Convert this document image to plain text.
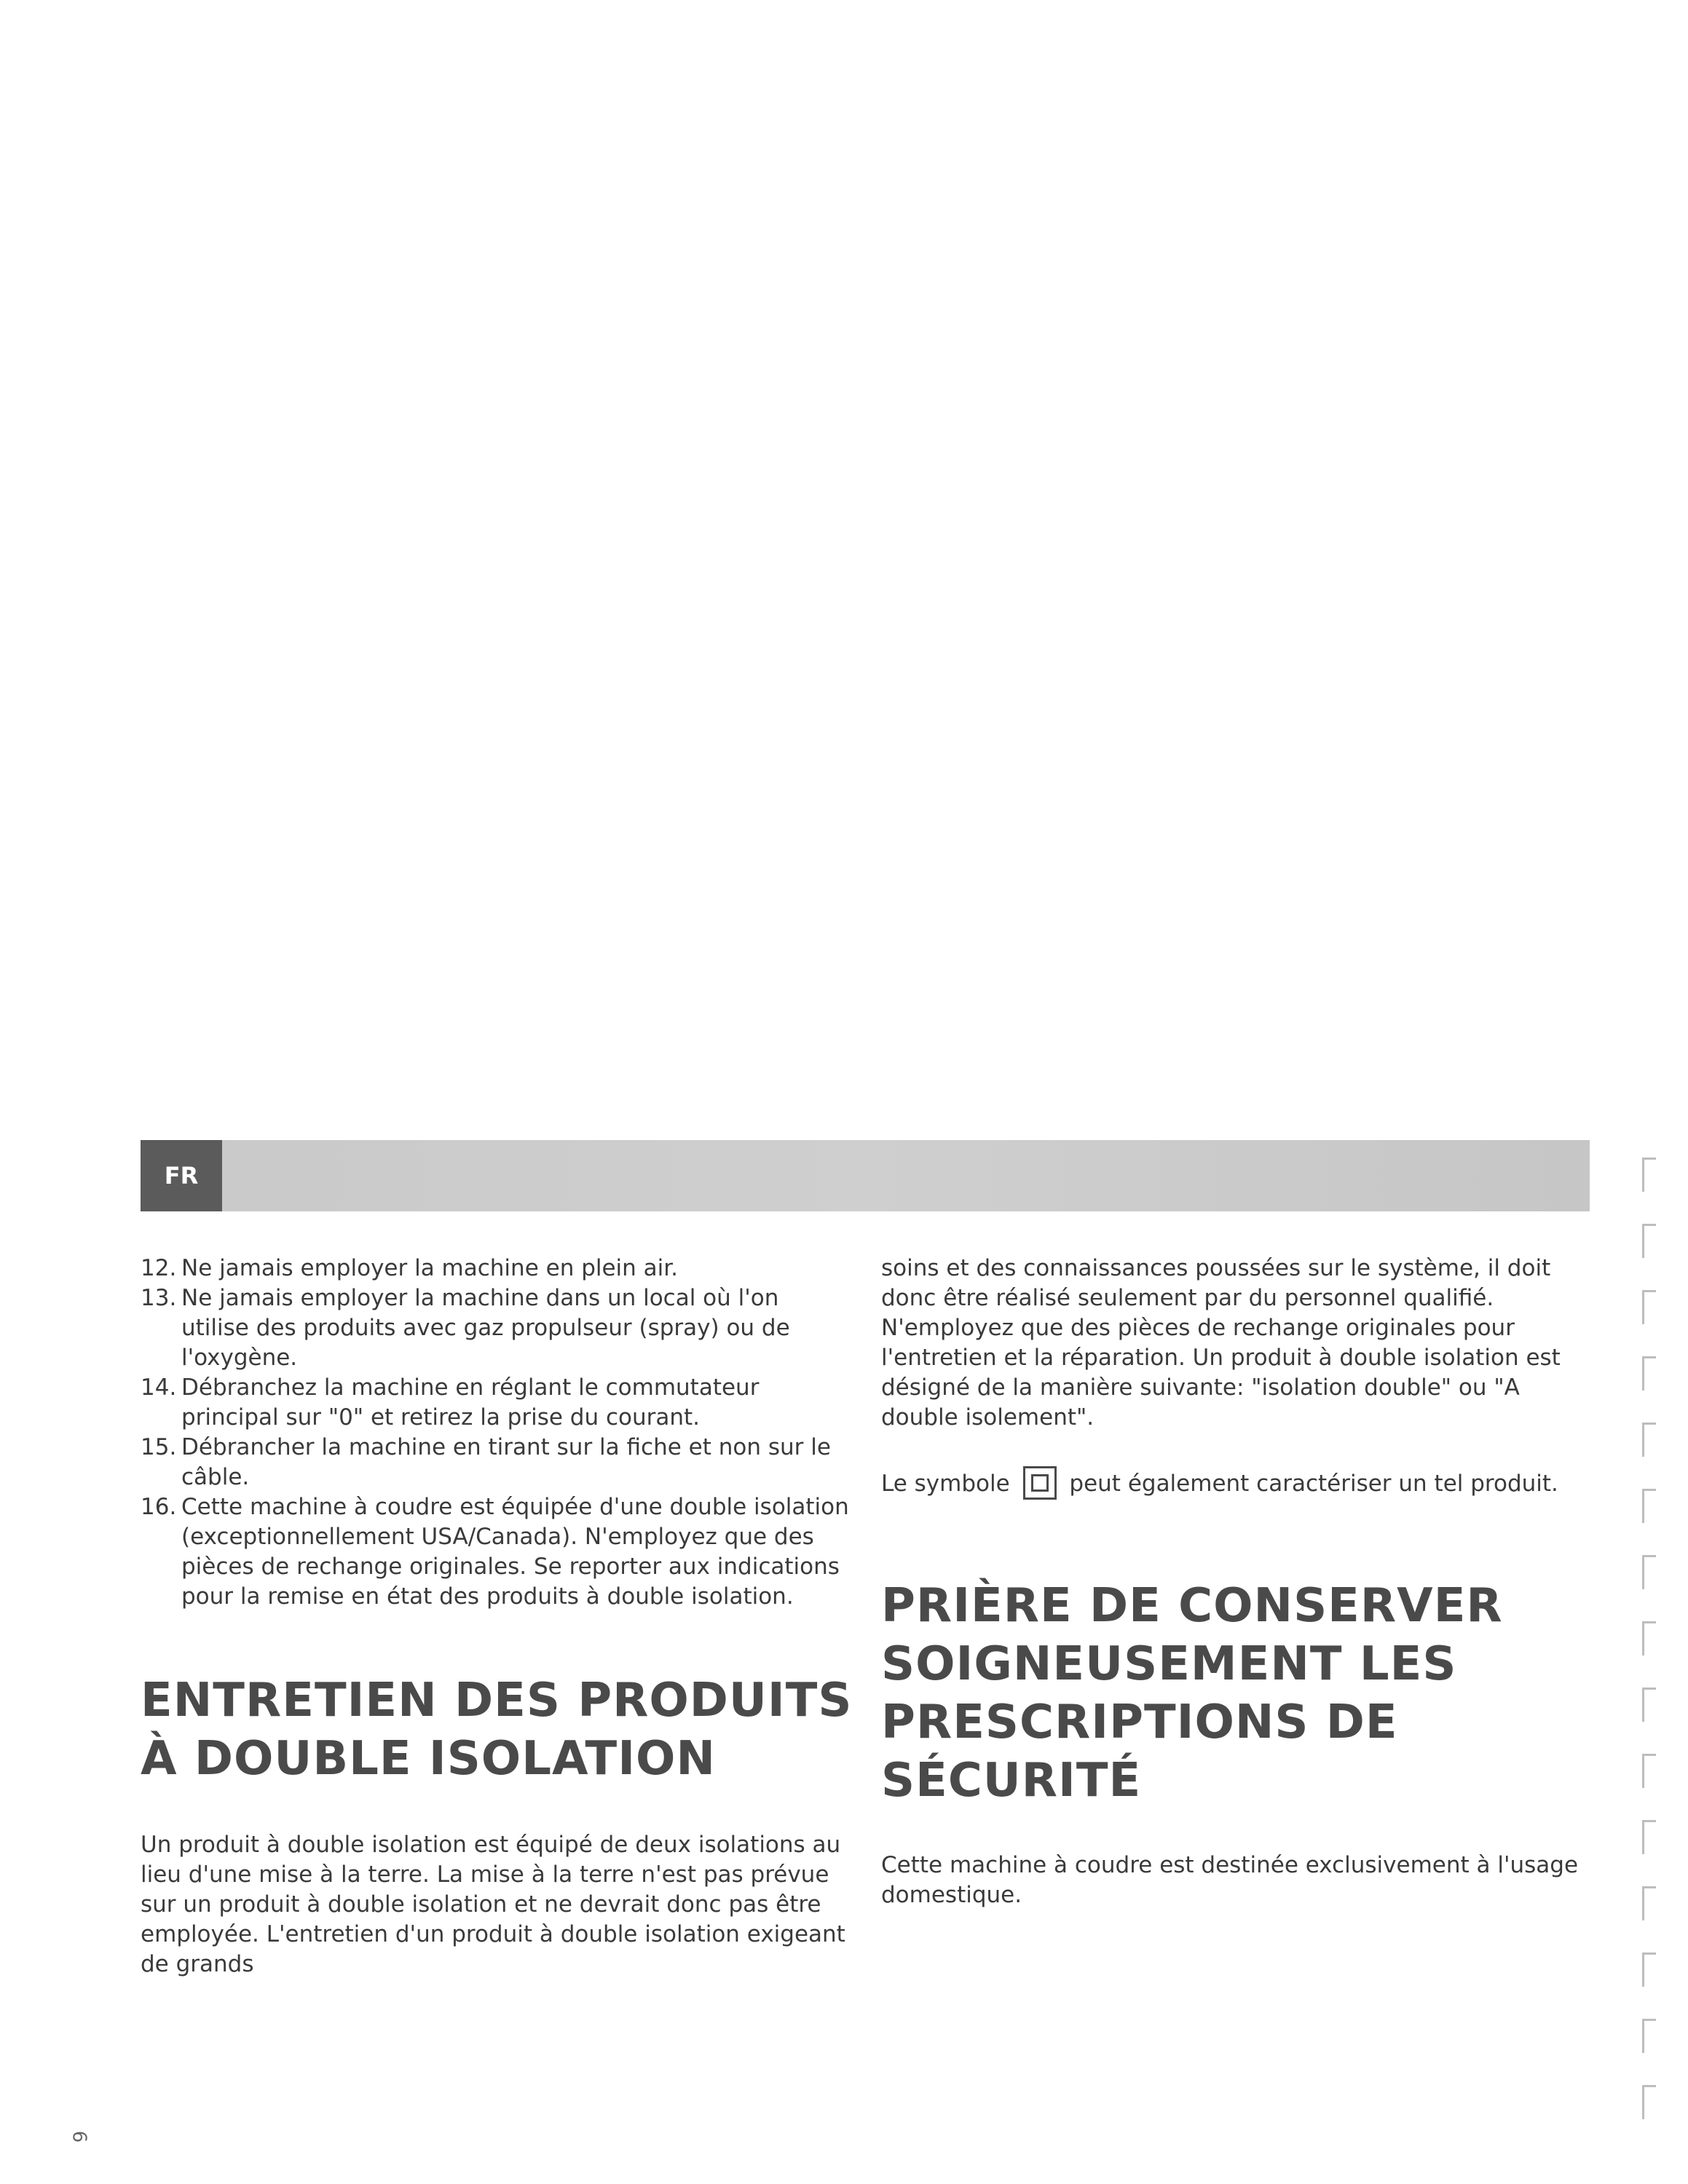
FR
12. Ne jamais employer la machine en plein air.
13. Ne jamais employer la machine dans un local où l'on utilise des produits avec gaz propulseur (spray) ou de l'oxygène.
14. Débranchez la machine en réglant le commutateur principal sur "0" et retirez la prise du courant.
15. Débrancher la machine en tirant sur la fiche et non sur le câble.
16. Cette machine à coudre est équipée d'une double isolation (exceptionnellement USA/Canada). N'employez que des pièces de rechange originales. Se reporter aux indications pour la remise en état des produits à double isolation.
ENTRETIEN DES PRODUITS À DOUBLE ISOLATION

Un produit à double isolation est équipé de deux isolations au lieu d'une mise à la terre. La mise à la terre n'est pas prévue sur un produit à double isolation et ne devrait donc pas être employée. L'entretien d'un produit à double isolation exigeant de grands

soins et des connaissances poussées sur le système, il doit donc être réalisé seulement par du personnel qualifié. N'employez que des pièces de rechange originales pour l'entretien et la réparation. Un produit à double isolation est désigné de la manière suivante: "isolation double" ou "A double isolement".

Le symbole	peut également caractériser un tel produit.

PRIÈRE DE CONSERVER SOIGNEUSEMENT LES PRESCRIPTIONS DE SÉCURITÉ

Cette machine à coudre est destinée exclusivement à l'usage domestique.

6
